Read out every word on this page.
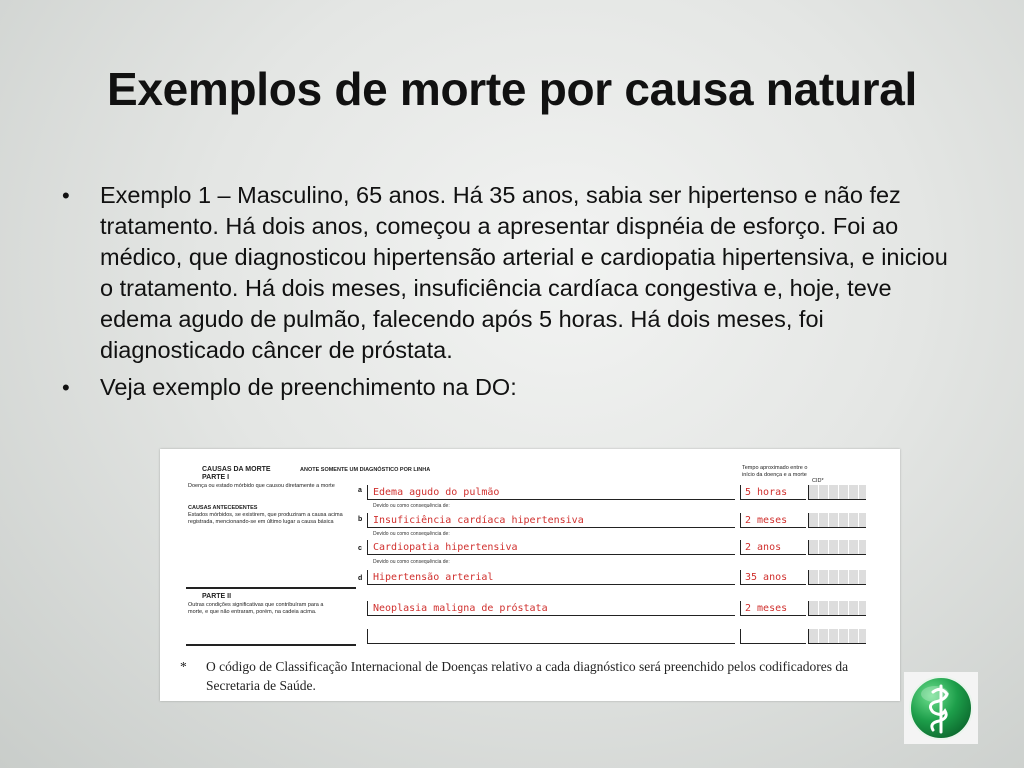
Exemplos de morte por causa natural
• Exemplo 1 – Masculino, 65 anos. Há 35 anos, sabia ser hipertenso e não fez tratamento. Há dois anos, começou a apresentar dispnéia de esforço. Foi ao médico, que diagnosticou hipertensão arterial e cardiopatia hipertensiva, e iniciou o tratamento. Há dois meses, insuficiência cardíaca congestiva e, hoje, teve edema agudo de pulmão, falecendo após 5 horas. Há dois meses, foi diagnosticado câncer de próstata.
• Veja exemplo de preenchimento na DO:
CAUSAS DA MORTE	ANOTE SOMENTE UM DIAGNÓSTICO POR LINHA
PARTE I
Tempo aproximado entre o início da doença e a morte
CID*
Doença ou estado mórbido que causou diretamente a morte
CAUSAS ANTECEDENTES
Estados mórbidos, se existirem, que produziram a causa acima registrada, mencionando-se em último lugar a causa básica
a	Edema agudo do pulmão	5 horas
Devido ou como consequência de:
b	Insuficiência cardíaca hipertensiva	2 meses
Devido ou como consequência de:
c	Cardiopatia hipertensiva	2 anos
Devido ou como consequência de:
d	Hipertensão arterial	35 anos
PARTE II
Outras condições significativas que contribuíram para a morte, e que não entraram, porém, na cadeia acima.	Neoplasia maligna de próstata	2 meses
* O código de Classificação Internacional de Doenças relativo a cada diagnóstico será preenchido pelos codificadores da Secretaria de Saúde.
